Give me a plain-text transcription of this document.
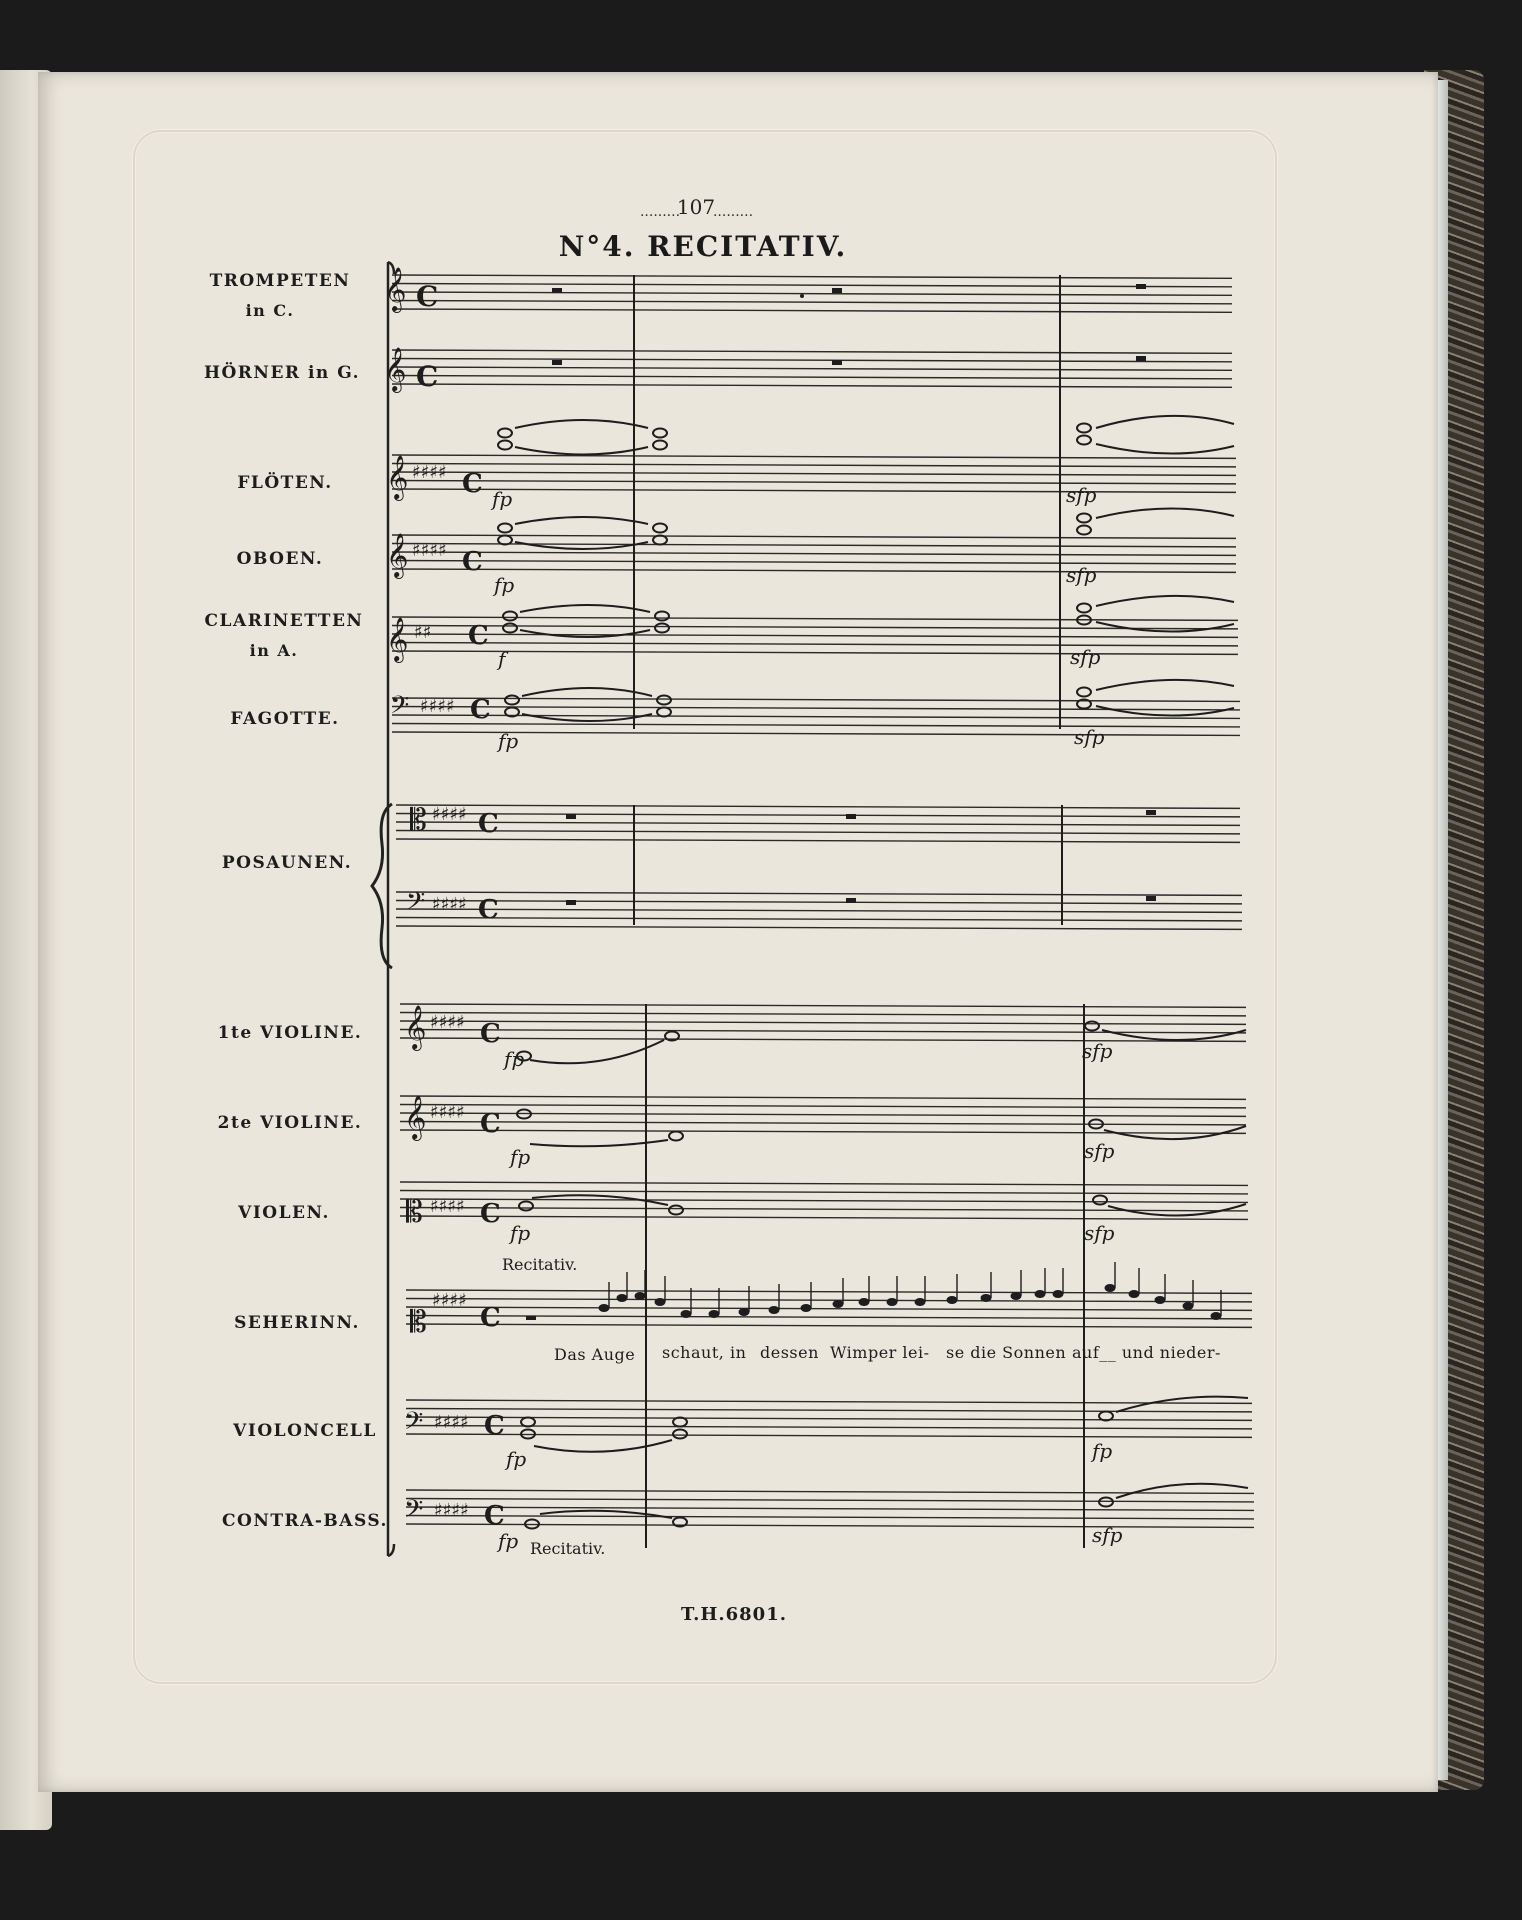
107
......... .........
N°4. RECITATIV.
TROMPETEN
in C.
HÖRNER in G.
FLÖTEN.
OBOEN.
CLARINETTEN
in A.
FAGOTTE.
POSAUNEN.
1te VIOLINE.
2te VIOLINE.
VIOLEN.
SEHERINN.
VIOLONCELL
CONTRA-BASS.
𝄞 C
𝄞 C
𝄞 ♯♯♯♯ C
𝄞 ♯♯♯♯ C
𝄞 ♯♯ C
𝄢 ♯♯♯♯ C
𝄡 ♯♯♯♯ C
𝄢 ♯♯♯♯ C
𝄞 ♯♯♯♯ C
𝄞 ♯♯♯♯ C
𝄡 ♯♯♯♯ C
𝄡
♯♯♯♯
C
𝄢 ♯♯♯♯ C
𝄢 ♯♯♯♯ C
fp	sfp
fp	sfp
f	sfp
fp	sfp
fp	sfp
fp	sfp
fp	sfp
fp	fp
fp	sfp
Recitativ.
Recitativ.
Das Auge schaut, in dessen Wimper lei- se die Sonnen auf__ und nieder-
T.H.6801.
